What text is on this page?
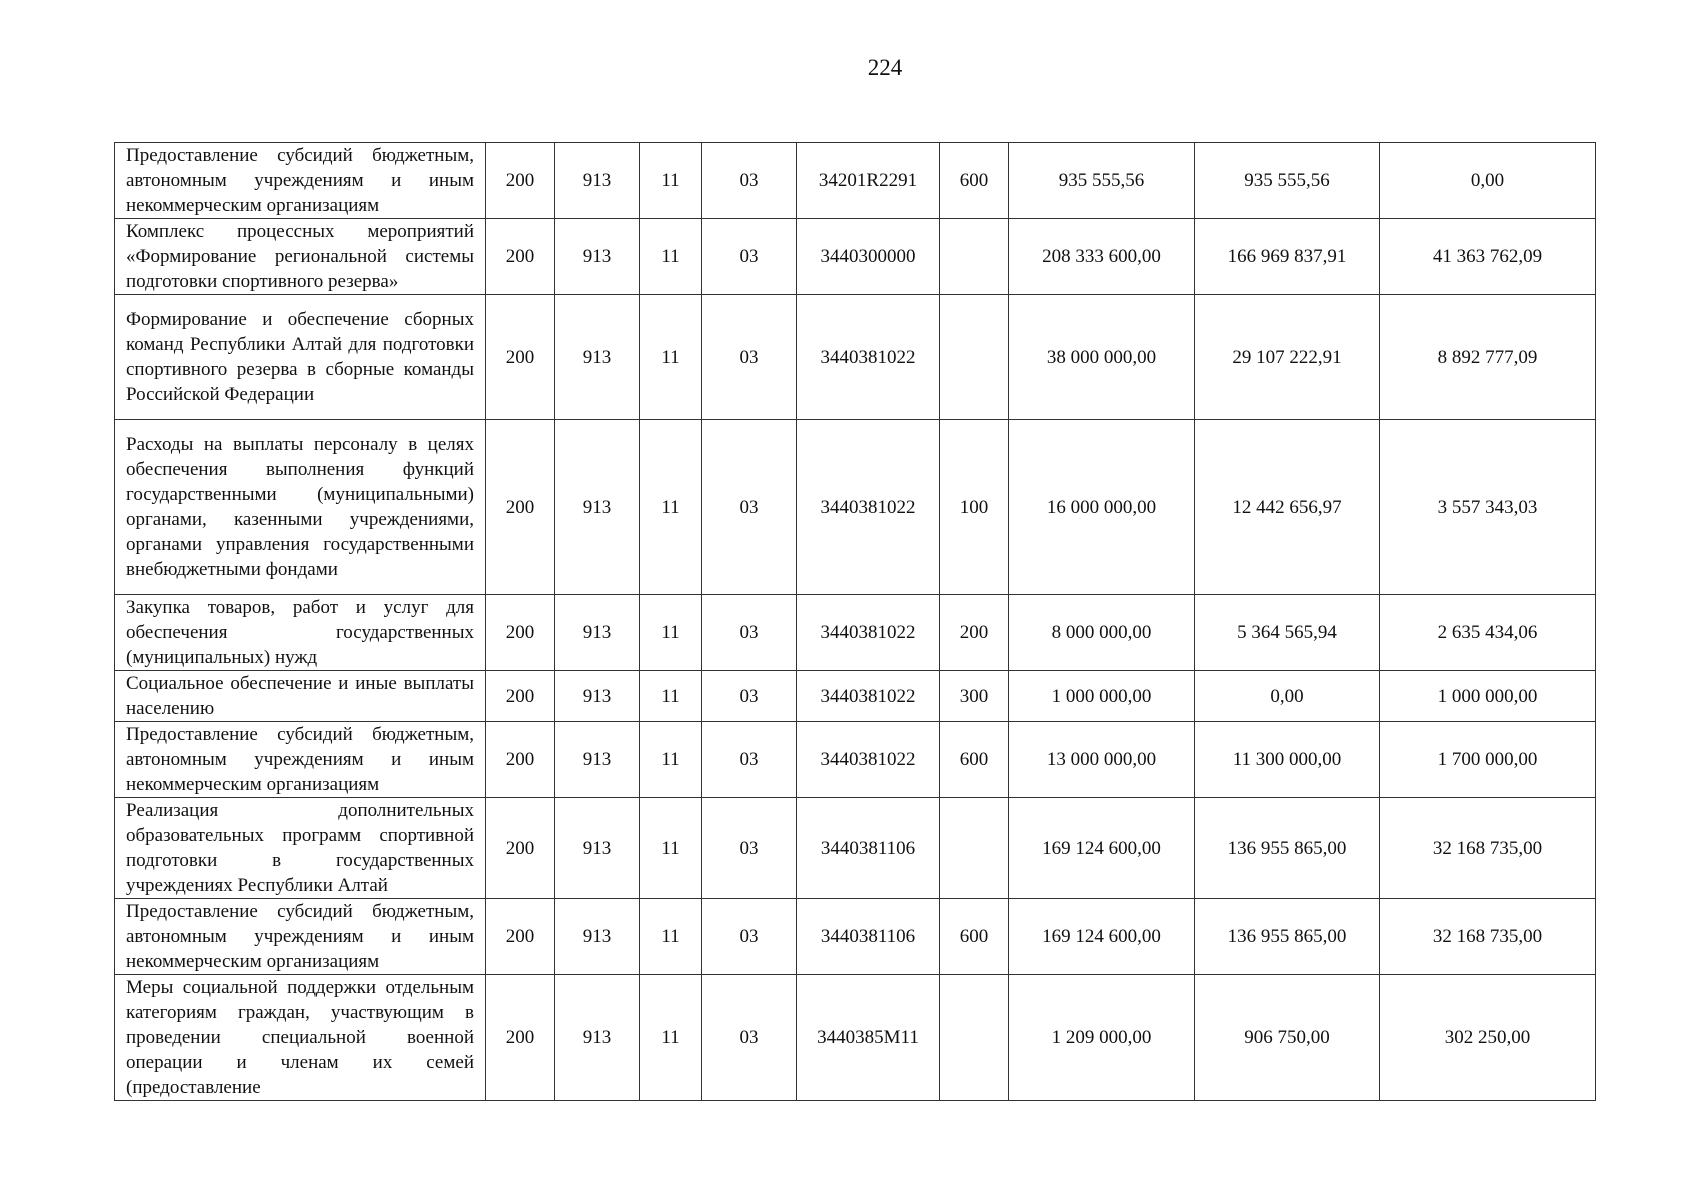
224
Предоставление субсидий бюджетным, автономным учреждениям и иным некоммерческим организациям	200	913	11	03	34201R2291	600	935 555,56	935 555,56	0,00
Комплекс процессных мероприятий «Формирование региональной системы подготовки спортивного резерва»	200	913	11	03	3440300000		208 333 600,00	166 969 837,91	41 363 762,09
Формирование и обеспечение сборных команд Республики Алтай для подготовки спортивного резерва в сборные команды Российской Федерации	200	913	11	03	3440381022		38 000 000,00	29 107 222,91	8 892 777,09
Расходы на выплаты персоналу в целях обеспечения выполнения функций государственными (муниципальными) органами, казенными учреждениями, органами управления государственными внебюджетными фондами	200	913	11	03	3440381022	100	16 000 000,00	12 442 656,97	3 557 343,03
Закупка товаров, работ и услуг для обеспечения государственных (муниципальных) нужд	200	913	11	03	3440381022	200	8 000 000,00	5 364 565,94	2 635 434,06
Социальное обеспечение и иные выплаты населению	200	913	11	03	3440381022	300	1 000 000,00	0,00	1 000 000,00
Предоставление субсидий бюджетным, автономным учреждениям и иным некоммерческим организациям	200	913	11	03	3440381022	600	13 000 000,00	11 300 000,00	1 700 000,00
Реализация дополнительных образовательных программ спортивной подготовки в государственных учреждениях Республики Алтай	200	913	11	03	3440381106		169 124 600,00	136 955 865,00	32 168 735,00
Предоставление субсидий бюджетным, автономным учреждениям и иным некоммерческим организациям	200	913	11	03	3440381106	600	169 124 600,00	136 955 865,00	32 168 735,00
Меры социальной поддержки отдельным категориям граждан, участвующим в проведении специальной военной операции и членам их семей (предоставление	200	913	11	03	3440385М11		1 209 000,00	906 750,00	302 250,00
